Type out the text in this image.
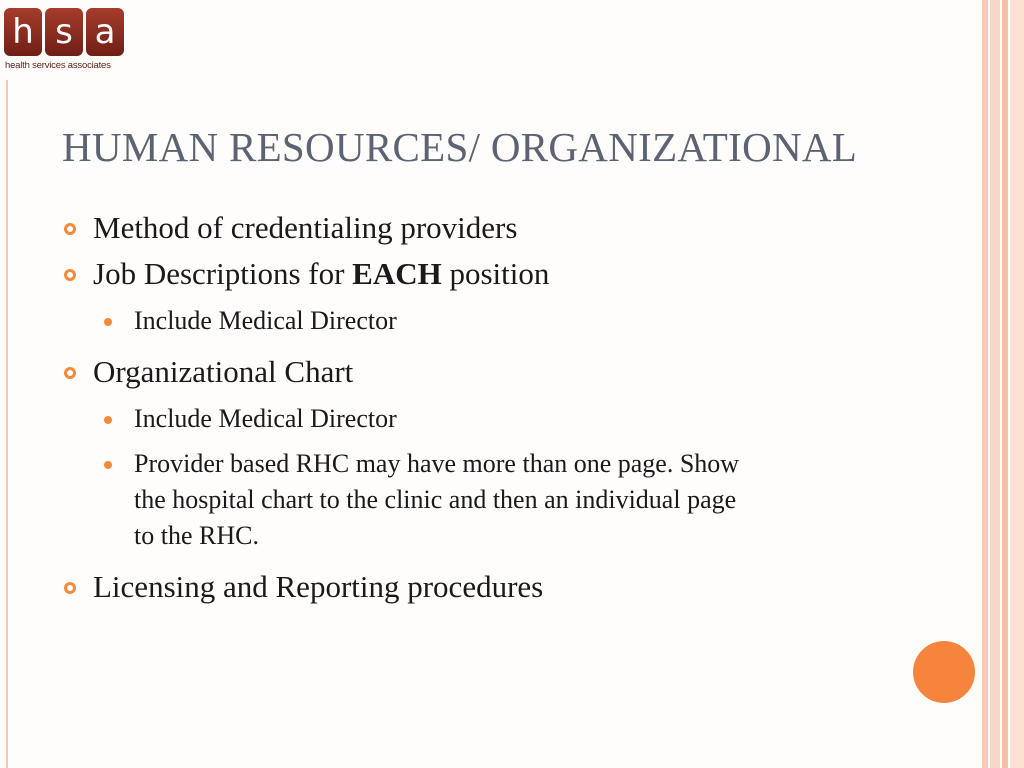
h s a
health services associates
HUMAN RESOURCES/ ORGANIZATIONAL
Method of credentialing providers
Job Descriptions for EACH position
Include Medical Director
Organizational Chart
Include Medical Director
Provider based RHC may have more than one page. Show
the hospital chart to the clinic and then an individual page
to the RHC.
Licensing and Reporting procedures
